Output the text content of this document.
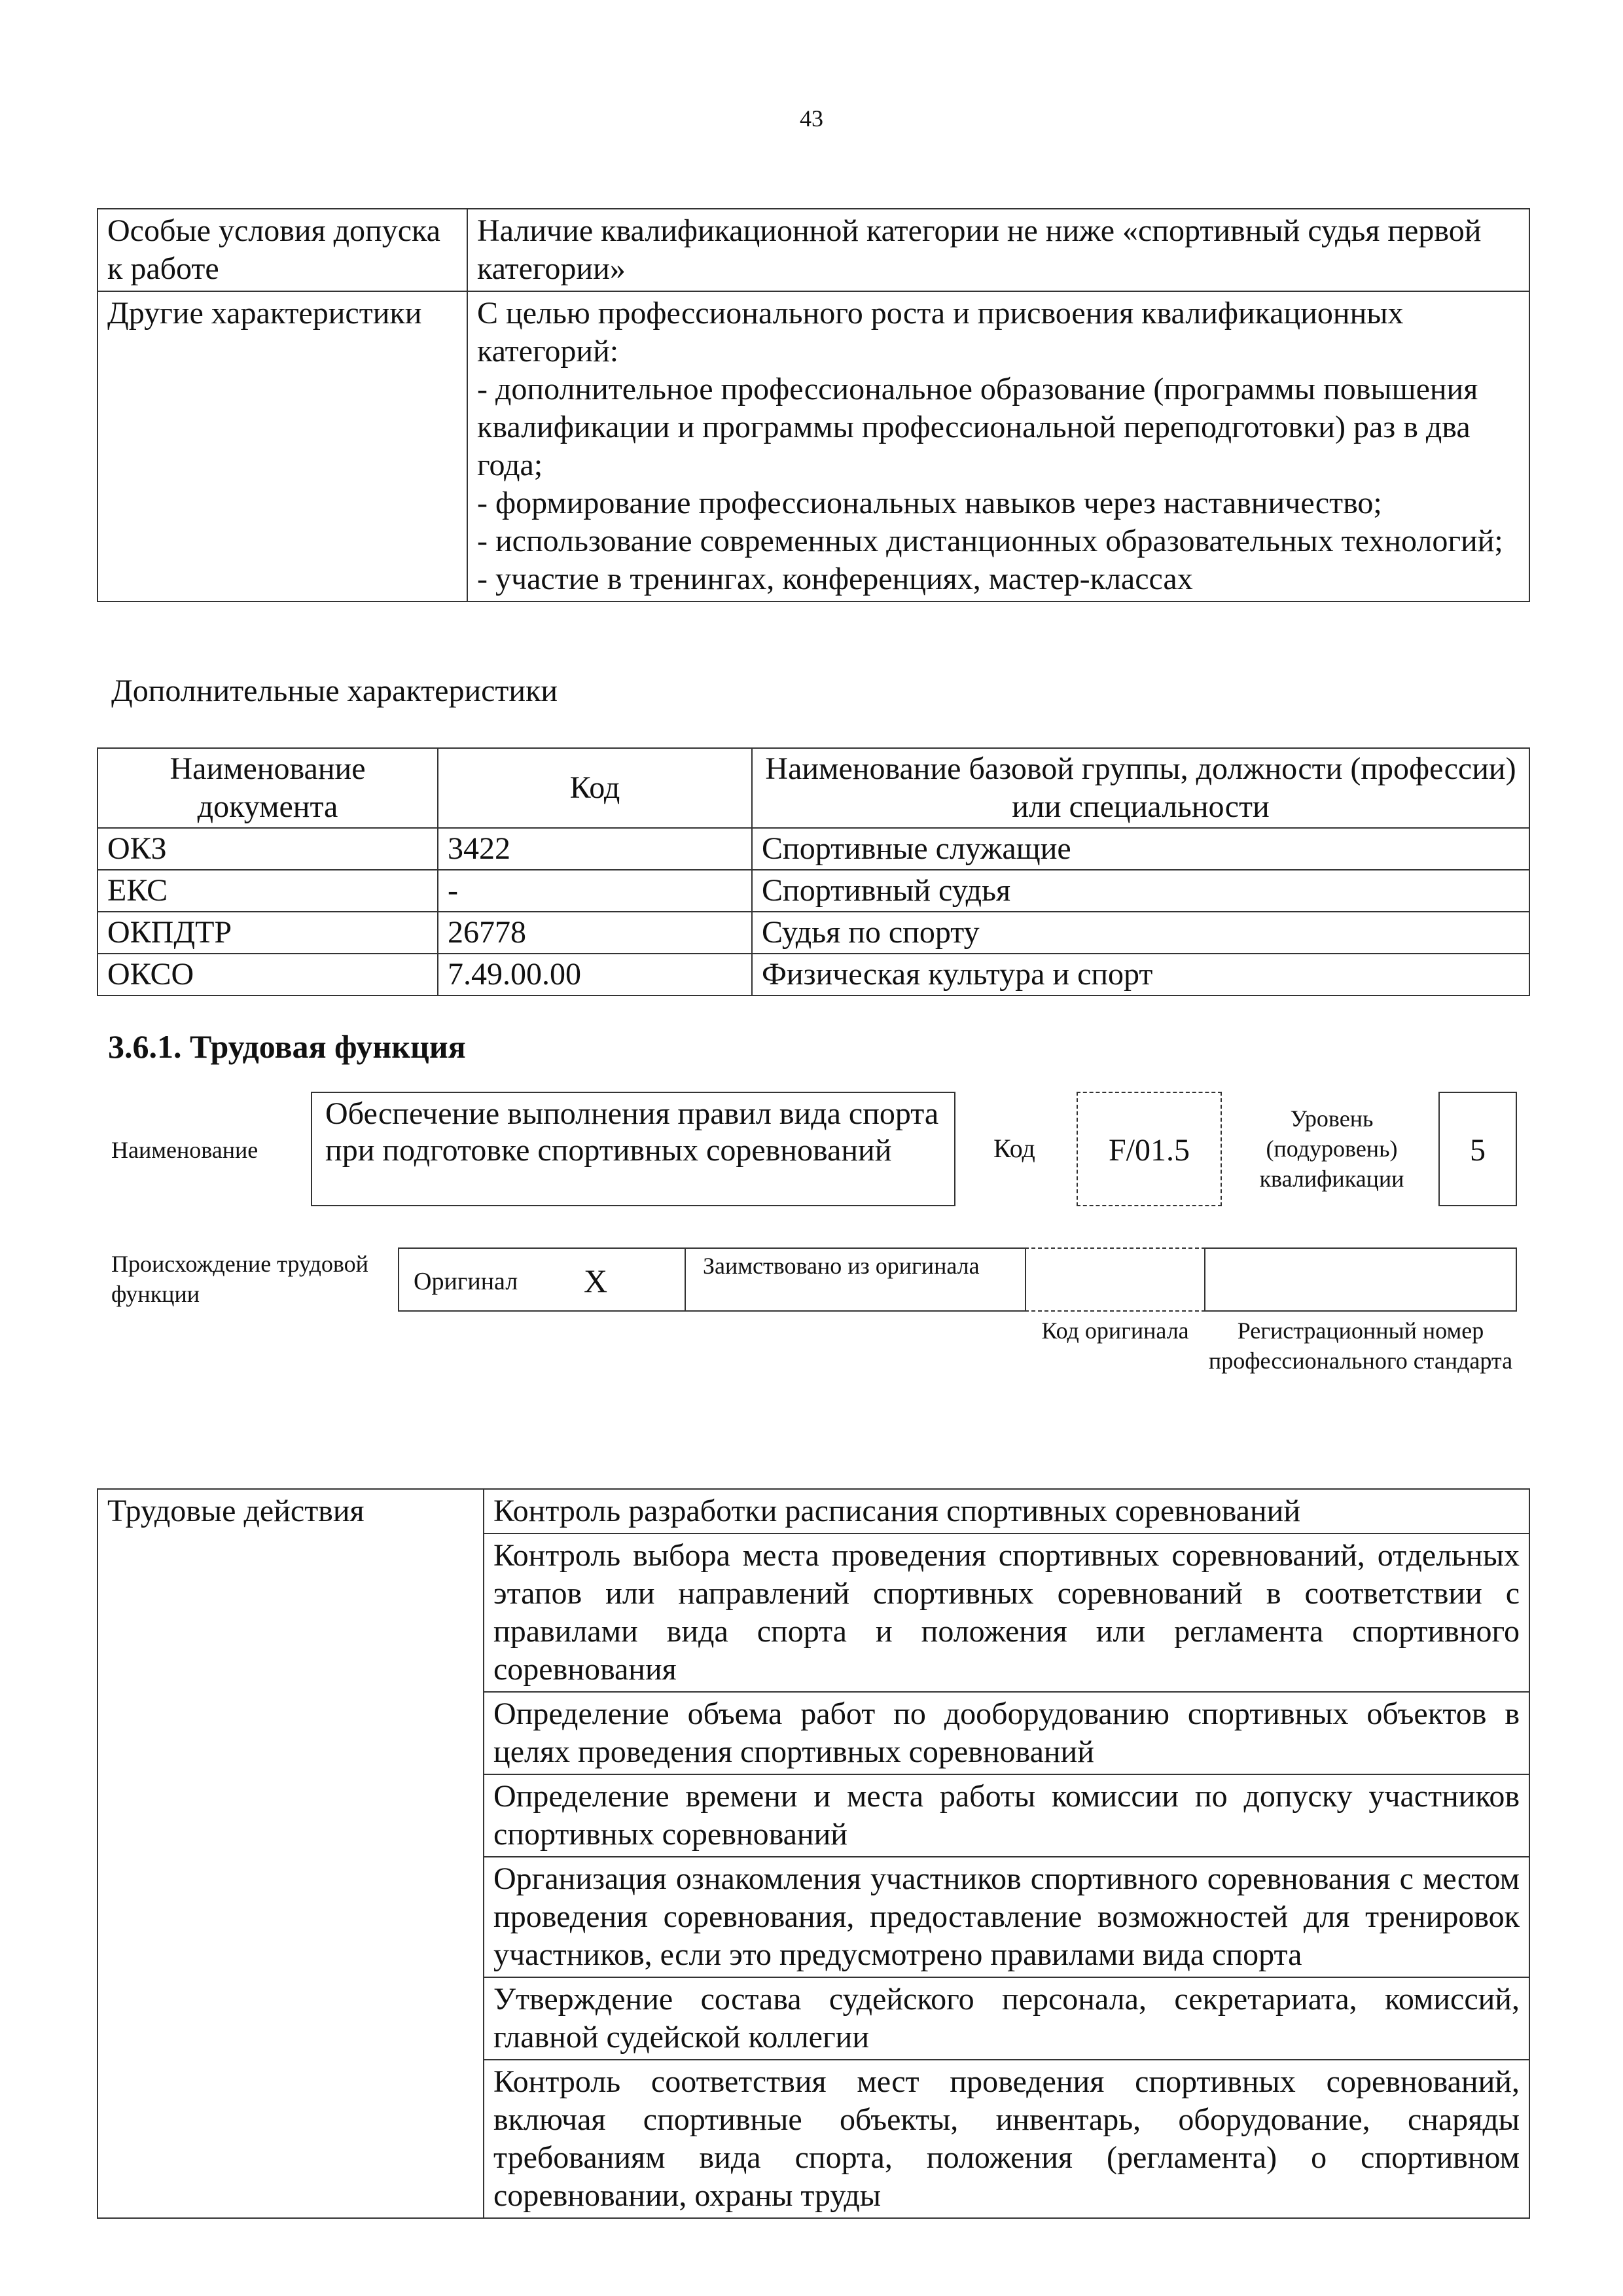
43
Особые условия допуска к работе	Наличие квалификационной категории не ниже «спортивный судья первой категории»
Другие характеристики	С целью профессионального роста и присвоения квалификационных категорий:
- дополнительное профессиональное образование (программы повышения квалификации и программы профессиональной переподготовки) раз в два года;
- формирование профессиональных навыков через наставничество;
- использование современных дистанционных образовательных технологий;
- участие в тренингах, конференциях, мастер-классах
Дополнительные характеристики
Наименование документа	Код	Наименование базовой группы, должности (профессии) или специальности
ОКЗ	3422	Спортивные служащие
ЕКС	-	Спортивный судья
ОКПДТР	26778	Судья по спорту
ОКСО	7.49.00.00	Физическая культура и спорт
3.6.1. Трудовая функция
Наименование
Обеспечение выполнения правил вида спорта при подготовке спортивных соревнований	Код	F/01.5
Уровень (подуровень) квалификации
5
Происхождение трудовой функции	Оригинал X	Заимствовано из оригинала
Код оригинала	Регистрационный номер профессионального стандарта
Трудовые действия	Контроль разработки расписания спортивных соревнований
Контроль выбора места проведения спортивных соревнований, отдельных этапов или направлений спортивных соревнований в соответствии с правилами вида спорта и положения или регламента спортивного соревнования
Определение объема работ по дооборудованию спортивных объектов в целях проведения спортивных соревнований
Определение времени и места работы комиссии по допуску участников спортивных соревнований
Организация ознакомления участников спортивного соревнования с местом проведения соревнования, предоставление возможностей для тренировок участников, если это предусмотрено правилами вида спорта
Утверждение состава судейского персонала, секретариата, комиссий, главной судейской коллегии
Контроль соответствия мест проведения спортивных соревнований, включая спортивные объекты, инвентарь, оборудование, снаряды требованиям вида спорта, положения (регламента) о спортивном соревновании, охраны труды
